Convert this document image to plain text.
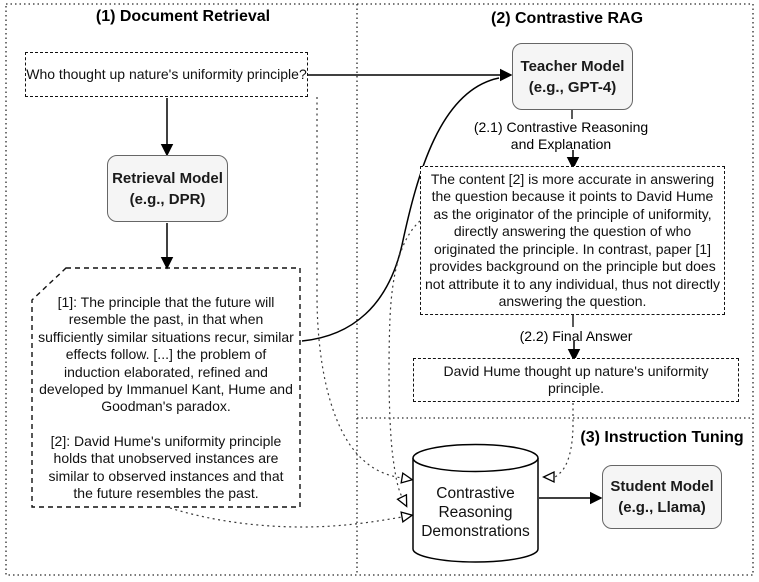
(1) Document Retrieval	(2) Contrastive RAG
(3) Instruction Tuning
Who thought up nature's uniformity principle?
Retrieval Model
(e.g., DPR)

[1]: The principle that the future will resemble the past, in that when sufficiently similar situations recur, similar effects follow. [...] the problem of induction elaborated, refined and developed by Immanuel Kant, Hume and Goodman's paradox.

[2]: David Hume's uniformity principle holds that unobserved instances are similar to observed instances and that the future resembles the past.

Teacher Model
(e.g., GPT-4)
(2.1) Contrastive Reasoning and Explanation
The content [2] is more accurate in answering the question because it points to David Hume as the originator of the principle of uniformity, directly answering the question of who originated the principle. In contrast, paper [1] provides background on the principle but does not attribute it to any individual, thus not directly answering the question.
(2.2) Final Answer
David Hume thought up nature's uniformity principle.
Contrastive Reasoning Demonstrations
Student Model
(e.g., Llama)
